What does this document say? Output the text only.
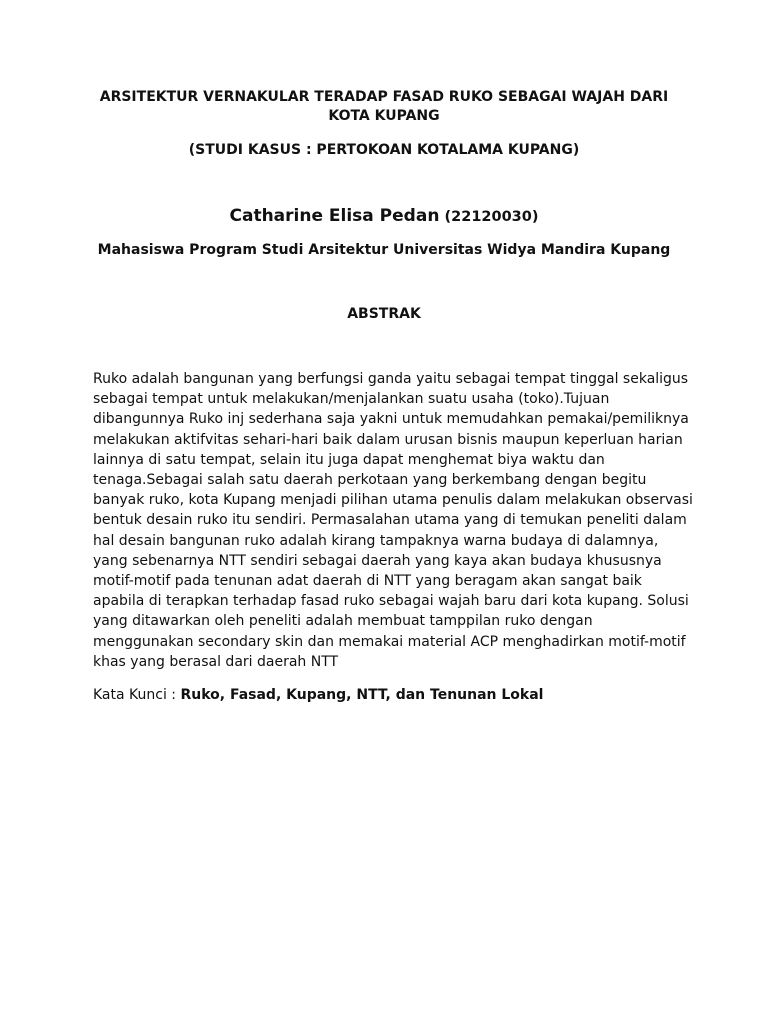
ARSITEKTUR VERNAKULAR TERADAP FASAD RUKO SEBAGAI WAJAH DARI
KOTA KUPANG
(STUDI KASUS : PERTOKOAN KOTALAMA KUPANG)

Catharine Elisa Pedan (22120030)

Mahasiswa Program Studi Arsitektur Universitas Widya Mandira Kupang

ABSTRAK
Ruko adalah bangunan yang berfungsi ganda yaitu sebagai tempat tinggal sekaligus
sebagai tempat untuk melakukan/menjalankan suatu usaha (toko).Tujuan
dibangunnya Ruko inj sederhana saja yakni untuk memudahkan pemakai/pemiliknya
melakukan aktifvitas sehari-hari baik dalam urusan bisnis maupun keperluan harian
lainnya di satu tempat, selain itu juga dapat menghemat biya waktu dan
tenaga.Sebagai salah satu daerah perkotaan yang berkembang dengan begitu
banyak ruko, kota Kupang menjadi pilihan utama penulis dalam melakukan observasi
bentuk desain ruko itu sendiri. Permasalahan utama yang di temukan peneliti dalam
hal desain bangunan ruko adalah kirang tampaknya warna budaya di dalamnya,
yang sebenarnya NTT sendiri sebagai daerah yang kaya akan budaya khususnya
motif-motif pada tenunan adat daerah di NTT yang beragam akan sangat baik
apabila di terapkan terhadap fasad ruko sebagai wajah baru dari kota kupang. Solusi
yang ditawarkan oleh peneliti adalah membuat tamppilan ruko dengan
menggunakan secondary skin dan memakai material ACP menghadirkan motif-motif
khas yang berasal dari daerah NTT

Kata Kunci : Ruko, Fasad, Kupang, NTT, dan Tenunan Lokal
